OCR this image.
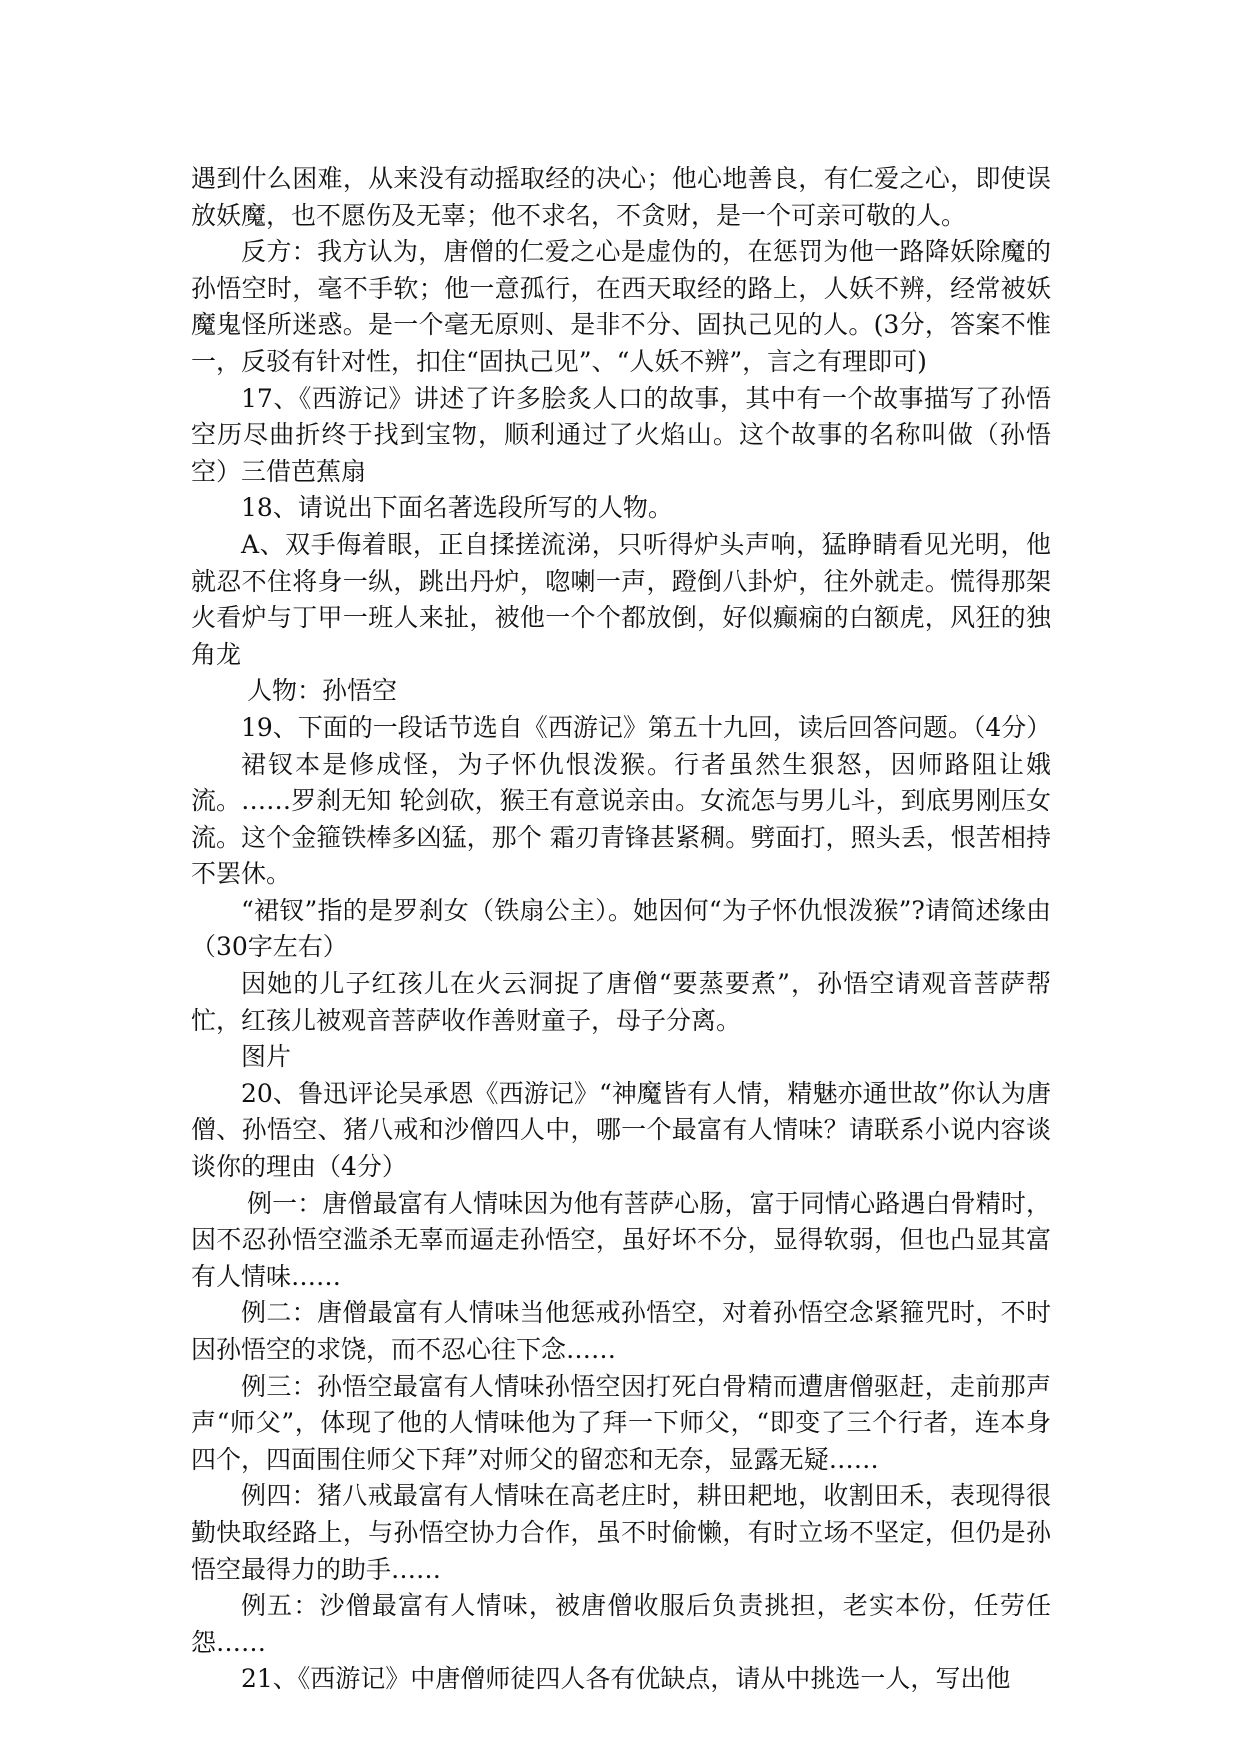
遇到什么困难，从来没有动摇取经的决心；他心地善良，有仁爱之心，即使误放妖魔，也不愿伤及无辜；他不求名，不贪财，是一个可亲可敬的人。

反方：我方认为，唐僧的仁爱之心是虚伪的，在惩罚为他一路降妖除魔的孙悟空时，毫不手软；他一意孤行，在西天取经的路上，人妖不辨，经常被妖魔鬼怪所迷惑。是一个毫无原则、是非不分、固执己见的人。(3分，答案不惟一，反驳有针对性，扣住“固执己见”、“人妖不辨”，言之有理即可)

17、《西游记》讲述了许多脍炙人口的故事，其中有一个故事描写了孙悟空历尽曲折终于找到宝物，顺利通过了火焰山。这个故事的名称叫做（孙悟空）三借芭蕉扇

18、请说出下面名著选段所写的人物。

A、双手侮着眼，正自揉搓流涕，只听得炉头声响，猛睁睛看见光明，他就忍不住将身一纵，跳出丹炉，唿喇一声，蹬倒八卦炉，往外就走。慌得那架火看炉与丁甲一班人来扯，被他一个个都放倒，好似癫痫的白额虎，风狂的独角龙

人物：孙悟空

19、下面的一段话节选自《西游记》第五十九回，读后回答问题。（4分）

裙钗本是修成怪，为子怀仇恨泼猴。行者虽然生狠怒，因师路阻让娥流。……罗刹无知 轮剑砍，猴王有意说亲由。女流怎与男儿斗，到底男刚压女流。这个金箍铁棒多凶猛，那个 霜刃青锋甚紧稠。劈面打，照头丢，恨苦相持不罢休。

“裙钗”指的是罗刹女（铁扇公主）。她因何“为子怀仇恨泼猴”?请简述缘由（30字左右）

因她的儿子红孩儿在火云洞捉了唐僧“要蒸要煮”，孙悟空请观音菩萨帮忙，红孩儿被观音菩萨收作善财童子，母子分离。

图片

20、鲁迅评论吴承恩《西游记》“神魔皆有人情，精魅亦通世故”你认为唐僧、孙悟空、猪八戒和沙僧四人中，哪一个最富有人情味？请联系小说内容谈谈你的理由（4分）

例一：唐僧最富有人情味因为他有菩萨心肠，富于同情心路遇白骨精时，因不忍孙悟空滥杀无辜而逼走孙悟空，虽好坏不分，显得软弱，但也凸显其富有人情味……

例二：唐僧最富有人情味当他惩戒孙悟空，对着孙悟空念紧箍咒时，不时因孙悟空的求饶，而不忍心往下念……

例三：孙悟空最富有人情味孙悟空因打死白骨精而遭唐僧驱赶，走前那声声“师父”，体现了他的人情味他为了拜一下师父，“即变了三个行者，连本身四个，四面围住师父下拜”对师父的留恋和无奈，显露无疑……

例四：猪八戒最富有人情味在高老庄时，耕田耙地，收割田禾，表现得很勤快取经路上，与孙悟空协力合作，虽不时偷懒，有时立场不坚定，但仍是孙悟空最得力的助手……

例五：沙僧最富有人情味，被唐僧收服后负责挑担，老实本份，任劳任怨……

21、《西游记》中唐僧师徒四人各有优缺点，请从中挑选一人，写出他
